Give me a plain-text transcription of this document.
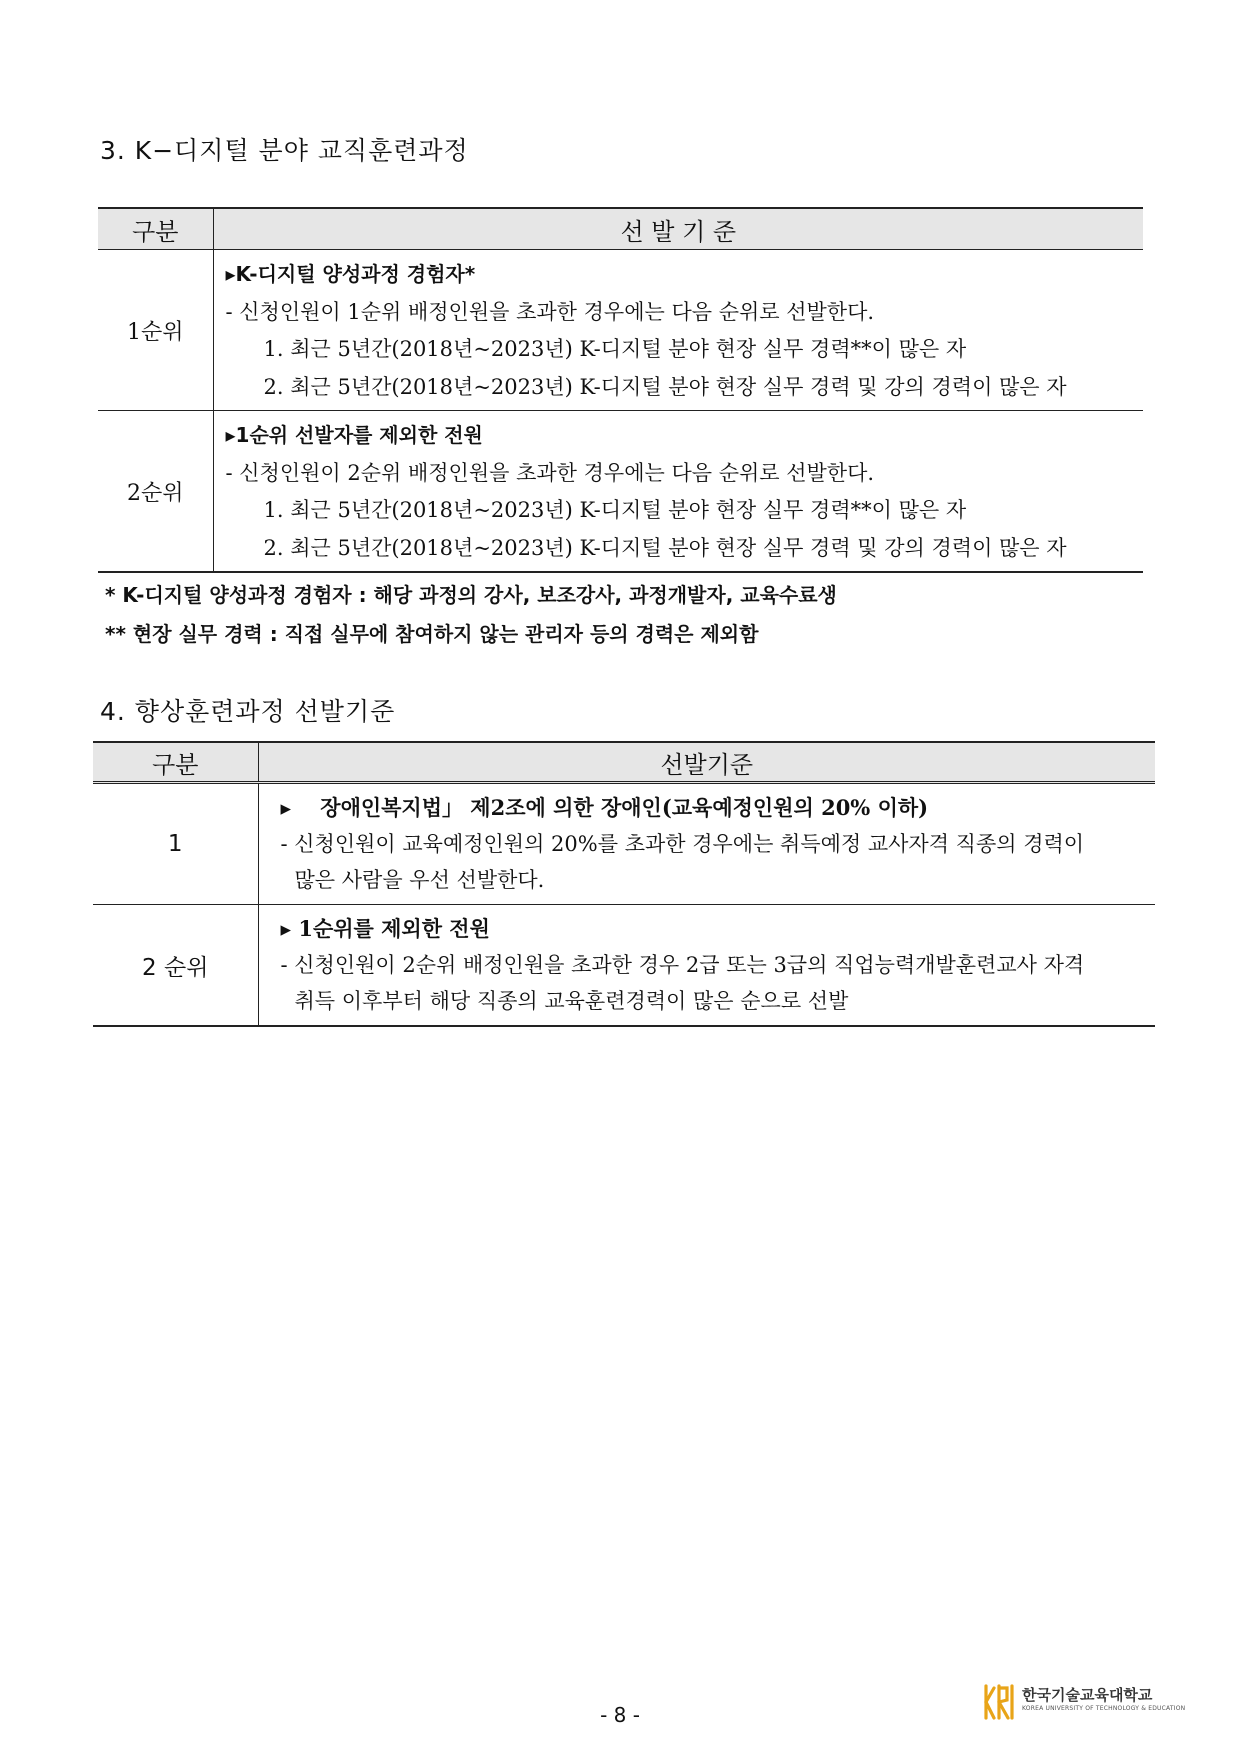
3. K−디지털 분야 교직훈련과정
구분	선 발 기 준
1순위	▸K-디지털 양성과정 경험자*
- 신청인원이 1순위 배정인원을 초과한 경우에는 다음 순위로 선발한다.
1. 최근 5년간(2018년~2023년) K-디지털 분야 현장 실무 경력**이 많은 자
2. 최근 5년간(2018년~2023년) K-디지털 분야 현장 실무 경력 및 강의 경력이 많은 자

2순위	▸1순위 선발자를 제외한 전원
- 신청인원이 2순위 배정인원을 초과한 경우에는 다음 순위로 선발한다.
1. 최근 5년간(2018년~2023년) K-디지털 분야 현장 실무 경력**이 많은 자
2. 최근 5년간(2018년~2023년) K-디지털 분야 현장 실무 경력 및 강의 경력이 많은 자
* K-디지털 양성과정 경험자 : 해당 과정의 강사, 보조강사, 과정개발자, 교육수료생
** 현장 실무 경력 : 직접 실무에 참여하지 않는 관리자 등의 경력은 제외함
4. 향상훈련과정 선발기준
구분	선발기준
1	▸    장애인복지법」 제2조에 의한 장애인(교육예정인원의 20% 이하)
- 신청인원이 교육예정인원의 20%를 초과한 경우에는 취득예정 교사자격 직종의 경력이
많은 사람을 우선 선발한다.

2 순위	▸ 1순위를 제외한 전원
- 신청인원이 2순위 배정인원을 초과한 경우 2급 또는 3급의 직업능력개발훈련교사 자격
취득 이후부터 해당 직종의 교육훈련경력이 많은 순으로 선발
- 8 -
한국기술교육대학교
KOREA UNIVERSITY OF TECHNOLOGY & EDUCATION
